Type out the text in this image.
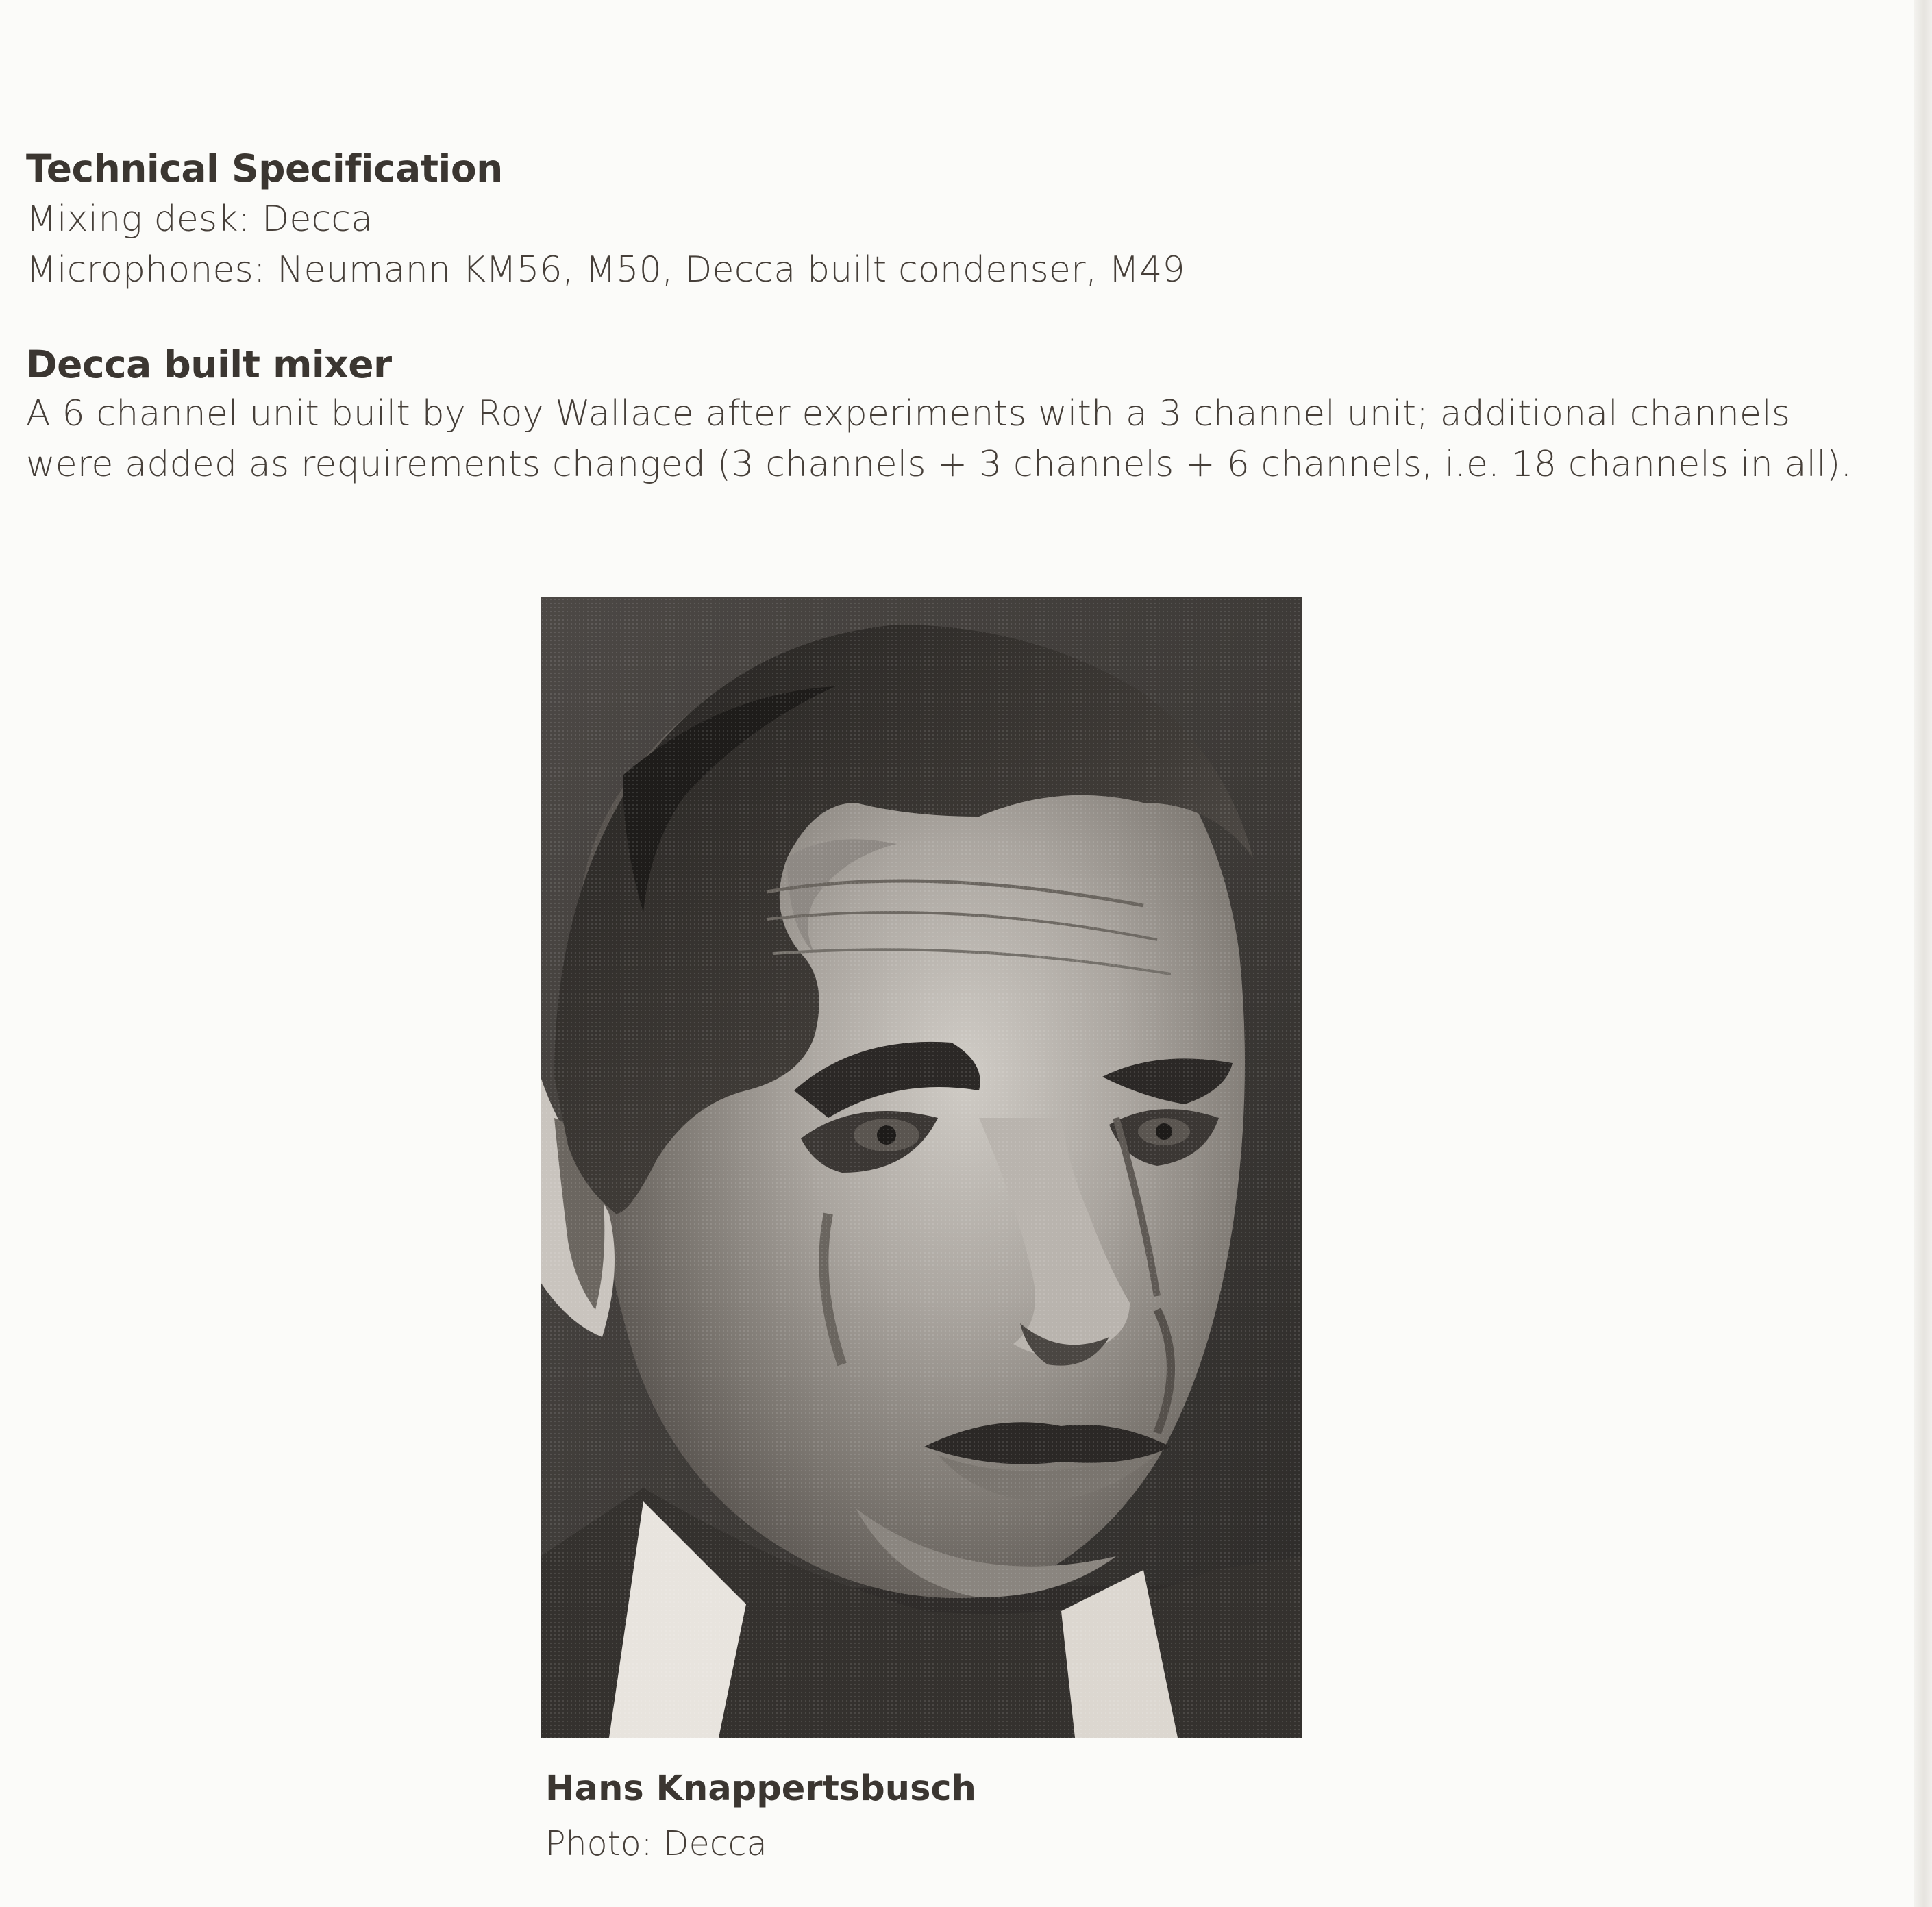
Technical Specification

Mixing desk: Decca

Microphones: Neumann KM56, M50, Decca built condenser, M49

Decca built mixer

A 6 channel unit built by Roy Wallace after experiments with a 3 channel unit; additional channels

were added as requirements changed (3 channels + 3 channels + 6 channels, i.e. 18 channels in all).

Hans Knappertsbusch

Photo: Decca
